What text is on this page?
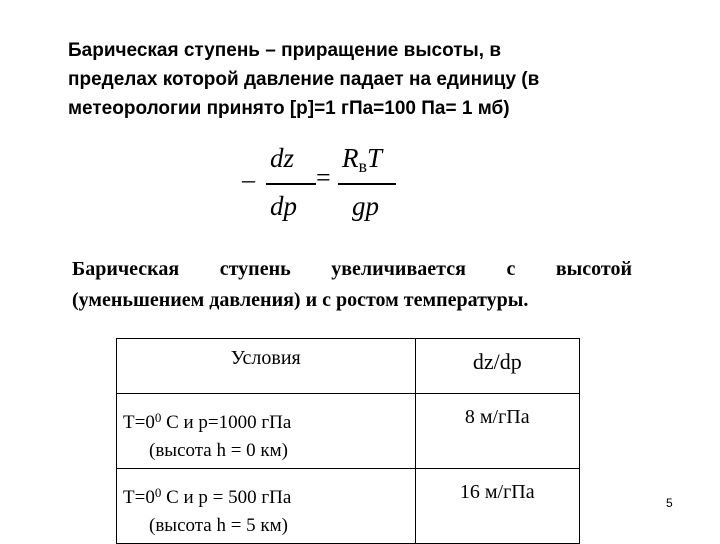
Барическая ступень – приращение высоты, в
пределах которой давление падает на единицу (в
метеорологии принято [p]=1 гПа=100 Па= 1 мб)
–
dz
dp
=
$R_вT$
gp
Барическая ступень увеличивается с высотой
(уменьшением давления) и с ростом температуры.
Условия	dz/dp
$Т=0^0$ С и р=1000 гПа
(высота h = 0 км)	8 м/гПа
$Т=0^0$ С и р = 500 гПа
(высота h = 5 км)	16 м/гПа	5
